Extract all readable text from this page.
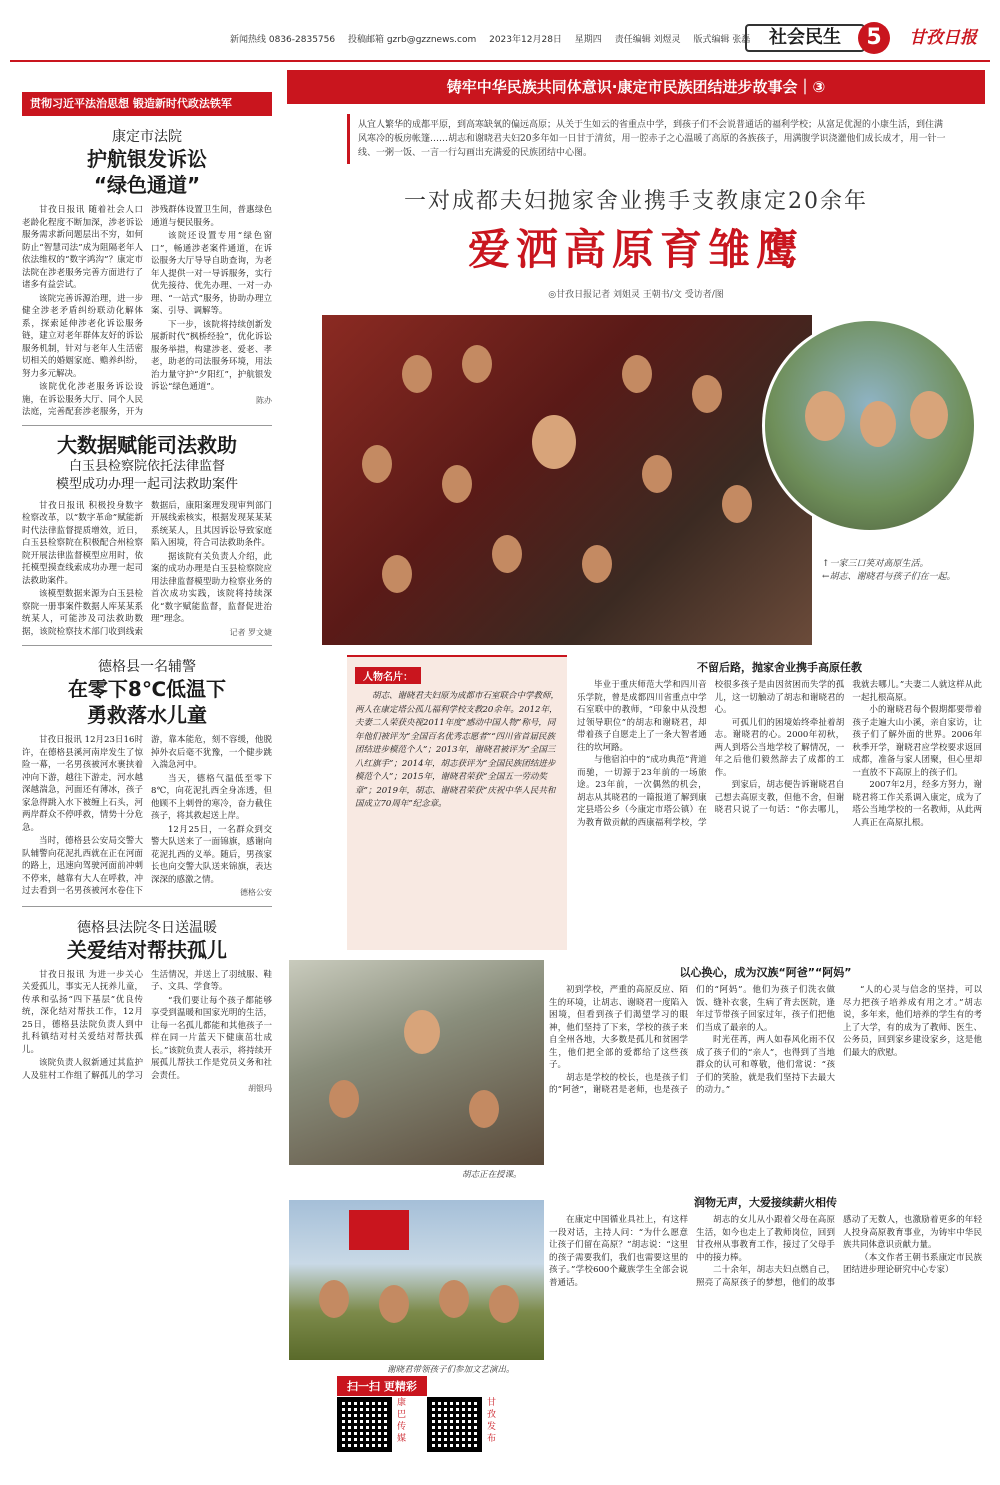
新闻热线 0836-2835756 投稿邮箱 gzrb@gzznews.com 2023年12月28日 星期四 责任编辑 刘煜灵 版式编辑 张磊	社会民生	5	甘孜日报
贯彻习近平法治思想 锻造新时代政法铁军
康定市法院
护航银发诉讼
“绿色通道”

甘孜日报讯 随着社会人口老龄化程度不断加深，涉老诉讼服务需求新问题层出不穷，如何防止“智慧司法”成为阻隔老年人依法维权的“数字鸿沟”？康定市法院在涉老服务完善方面进行了诸多有益尝试。

该院完善诉源治理，进一步健全涉老矛盾纠纷联动化解体系，探索延伸涉老化诉讼服务链，建立对老年群体友好的诉讼服务机制，针对与老年人生活密切相关的婚姻家庭、赡养纠纷，努力多元解决。

该院优化涉老服务诉讼设施，在诉讼服务大厅、同个人民法庭，完善配套涉老服务，开为涉残群体设置卫生间，普惠绿色通道与便民服务。

该院还设置专用“绿色窗口”，畅通涉老案件通道，在诉讼服务大厅导导自助查询，为老年人提供一对一导诉服务，实行优先接待、优先办理、一对一办理、“一站式”服务，协助办理立案、引导、调解等。

下一步，该院将持续创新发展新时代“枫桥经验”，优化诉讼服务举措，构建涉老、爱老、孝老，助老的司法服务环境，用法治力量守护“夕阳红”，护航银发诉讼“绿色通道”。

陈办
大数据赋能司法救助
白玉县检察院依托法律监督
模型成功办理一起司法救助案件

甘孜日报讯 积极投身数字检察改革，以“数字革命”赋能新时代法律监督提质增效，近日，白玉县检察院在积极配合州检察院开展法律监督模型应用时，依托模型摸查线索成功办理一起司法救助案件。

该模型数据来源为白玉县检察院一册事案件数据人库某某系统某人，可能涉及司法救助数据，该院检察技术部门收到线索数据后，康阳案理发现审判部门开展线索核实，根据发现某某某系统某人，且其因诉讼导致家庭陷入困境，符合司法救助条件。

据该院有关负责人介绍，此案的成功办理是白玉县检察院应用法律监督模型助力检察业务的首次成功实践，该院将持续深化“数字赋能监督，监督促进治理”理念。

记者 罗文婕
德格县一名辅警
在零下8℃低温下
勇救落水儿童

甘孜日报讯 12月23日16时许，在德格县溪河南岸发生了惊险一幕，一名男孩被河水裹挟着冲向下游，越往下游走，河水越深越湍急，河面还有薄冰，孩子家急得跳入水下被缠上石头，河两岸群众不停呼救，情势十分危急。

当时，德格县公安局交警大队辅警向花泥扎西就在正在河面的路上，迅速向驾驶河面前冲刺不停来，越靠有大人在呼救，冲过去看到一名男孩被河水卷住下游，靠本能危，刻不容缓，他脱掉外衣后毫不犹豫，一个健步跳入湍急河中。

当天，德格气温低至零下8℃，向花泥扎西全身冻透，但他顾不上刺骨的寒冷，奋力截住孩子，将其救起送上岸。

12月25日，一名群众到交警大队送来了一面锦旗，感谢向花泥扎西的义举。随后，男孩家长也向交警大队送来锦旗，表达深深的感激之情。

德格公安
德格县法院冬日送温暖
关爱结对帮扶孤儿

甘孜日报讯 为进一步关心关爱孤儿，事实无人抚养儿童，传承和弘扬“四下基层”优良传统，深化结对帮扶工作，12月25日，德格县法院负责人到中扎科镇结对村关爱结对帮扶孤儿。

该院负责人叙新通过其监护人及驻村工作组了解孤儿的学习生活情况，并送上了羽绒服、鞋子、文具、学食等。

“我们要让每个孩子都能够享受到温暖和国家光明的生活，让每一名孤儿都能和其他孩子一样在同一片蓝天下健康茁壮成长。”该院负责人表示，将持续开展孤儿帮扶工作是党员义务和社会责任。

胡银玛
铸牢中华民族共同体意识·康定市民族团结进步故事会｜③
从宜人繁华的成都平原，到高寒缺氧的偏远高原；从关于生如云的省重点中学，到孩子们不会说普通话的福利学校；从富足优渥的小康生活，到住满风寒冷的板房帐篷……胡志和谢晓君夫妇20多年如一日甘于清贫，用一腔赤子之心温暖了高原的各族孩子，用满腹学识浇灌他们成长成才，用一针一线、一粥一饭、一言一行勾画出充满爱的民族团结中心图。
一对成都夫妇抛家舍业携手支教康定20余年
爱洒高原育雏鹰
◎甘孜日报记者 刘姐灵 王朝书/文 受访者/图
↑一家三口笑对高原生活。
←胡志、谢晓君与孩子们在一起。
人物名片：
胡志、谢晓君夫妇原为成都市石室联合中学教师，两人在康定塔公孤儿福利学校支教20余年。2012年，夫妻二人荣获央视2011年度“感动中国人物”称号，同年他们被评为“全国百名优秀志愿者”“四川省首届民族团结进步模范个人”；2013年，谢晓君被评为“全国三八红旗手”；2014年，胡志获评为“全国民族团结进步模范个人”；2015年，谢晓君荣获“全国五一劳动奖章”；2019年，胡志、谢晓君荣获“庆祝中华人民共和国成立70周年”纪念章。
不留后路，抛家舍业携手高原任教

毕业于重庆师范大学和四川音乐学院，曾是成都四川省重点中学石室联中的教师，“印象中从没想过领导职位”的胡志和谢晓君，却带着孩子自愿走上了一条大智者通往的坎坷路。

与他宿泊中的“成功典范”背道而驰，一切源于23年前的一场旅途。23年前，一次偶然的机会，胡志从其晓君的一篇报道了解到康定县塔公乡（今康定市塔公镇）在为教育做贡献的西康福利学校，学校很多孩子是由因贫困而失学的孤儿，这一切触动了胡志和谢晓君的心。

可孤儿们的困境始终牵扯着胡志。谢晓君的心。2000年初秋，两人到塔公当地学校了解情况，一年之后他们毅然辞去了成都的工作。

到家后，胡志便告诉谢晓君自己想去高原支教，但他不舍，但谢晓君只说了一句话：“你去哪儿，我就去哪儿。”夫妻二人就这样从此一起扎根高原。

小的谢晓君每个假期都要带着孩子走遍大山小溪，亲自家访，让孩子们了解外面的世界。2006年秋季开学，谢晓君应学校要求返回成都，准备与家人团聚，但心里却一直放不下高原上的孩子们。

2007年2月，经多方努力，谢晓君将工作关系调入康定，成为了塔公当地学校的一名教师，从此两人真正在高原扎根。

胡志正在授课。
以心换心，成为汉族“阿爸”“阿妈”

初到学校，严重的高原反应、陌生的环境，让胡志、谢晓君一度陷入困境，但看到孩子们渴望学习的眼神，他们坚持了下来，学校的孩子来自全州各地，大多数是孤儿和贫困学生，他们把全部的爱都给了这些孩子。

胡志是学校的校长，也是孩子们的“阿爸”，谢晓君是老师，也是孩子们的“阿妈”。他们为孩子们洗衣做饭、缝补衣裳，生病了背去医院，逢年过节带孩子回家过年，孩子们把他们当成了最亲的人。

时光荏苒，两人如春风化雨不仅成了孩子们的“亲人”，也得到了当地群众的认可和尊敬，他们常说：“孩子们的笑脸，就是我们坚持下去最大的动力。”

“人的心灵与信念的坚持，可以尽力把孩子培养成有用之才。”胡志说，多年来，他们培养的学生有的考上了大学，有的成为了教师、医生、公务员，回到家乡建设家乡，这是他们最大的欣慰。

谢晓君带领孩子们参加文艺演出。
润物无声，大爱接续薪火相传

在康定中国循业具社上，有这样一段对话，主持人问：“为什么愿意让孩子们留在高原？”胡志说：“这里的孩子需要我们，我们也需要这里的孩子。”学校600个藏族学生全部会说普通话。

胡志的女儿从小跟着父母在高原生活，如今也走上了教师岗位，回到甘孜州从事教育工作，接过了父母手中的接力棒。

二十余年，胡志夫妇点燃自己，照亮了高原孩子的梦想，他们的故事感动了无数人，也激励着更多的年轻人投身高原教育事业，为铸牢中华民族共同体意识贡献力量。

（本文作者王朝书系康定市民族团结进步理论研究中心专家）

扫一扫 更精彩
康巴传媒
甘孜发布
